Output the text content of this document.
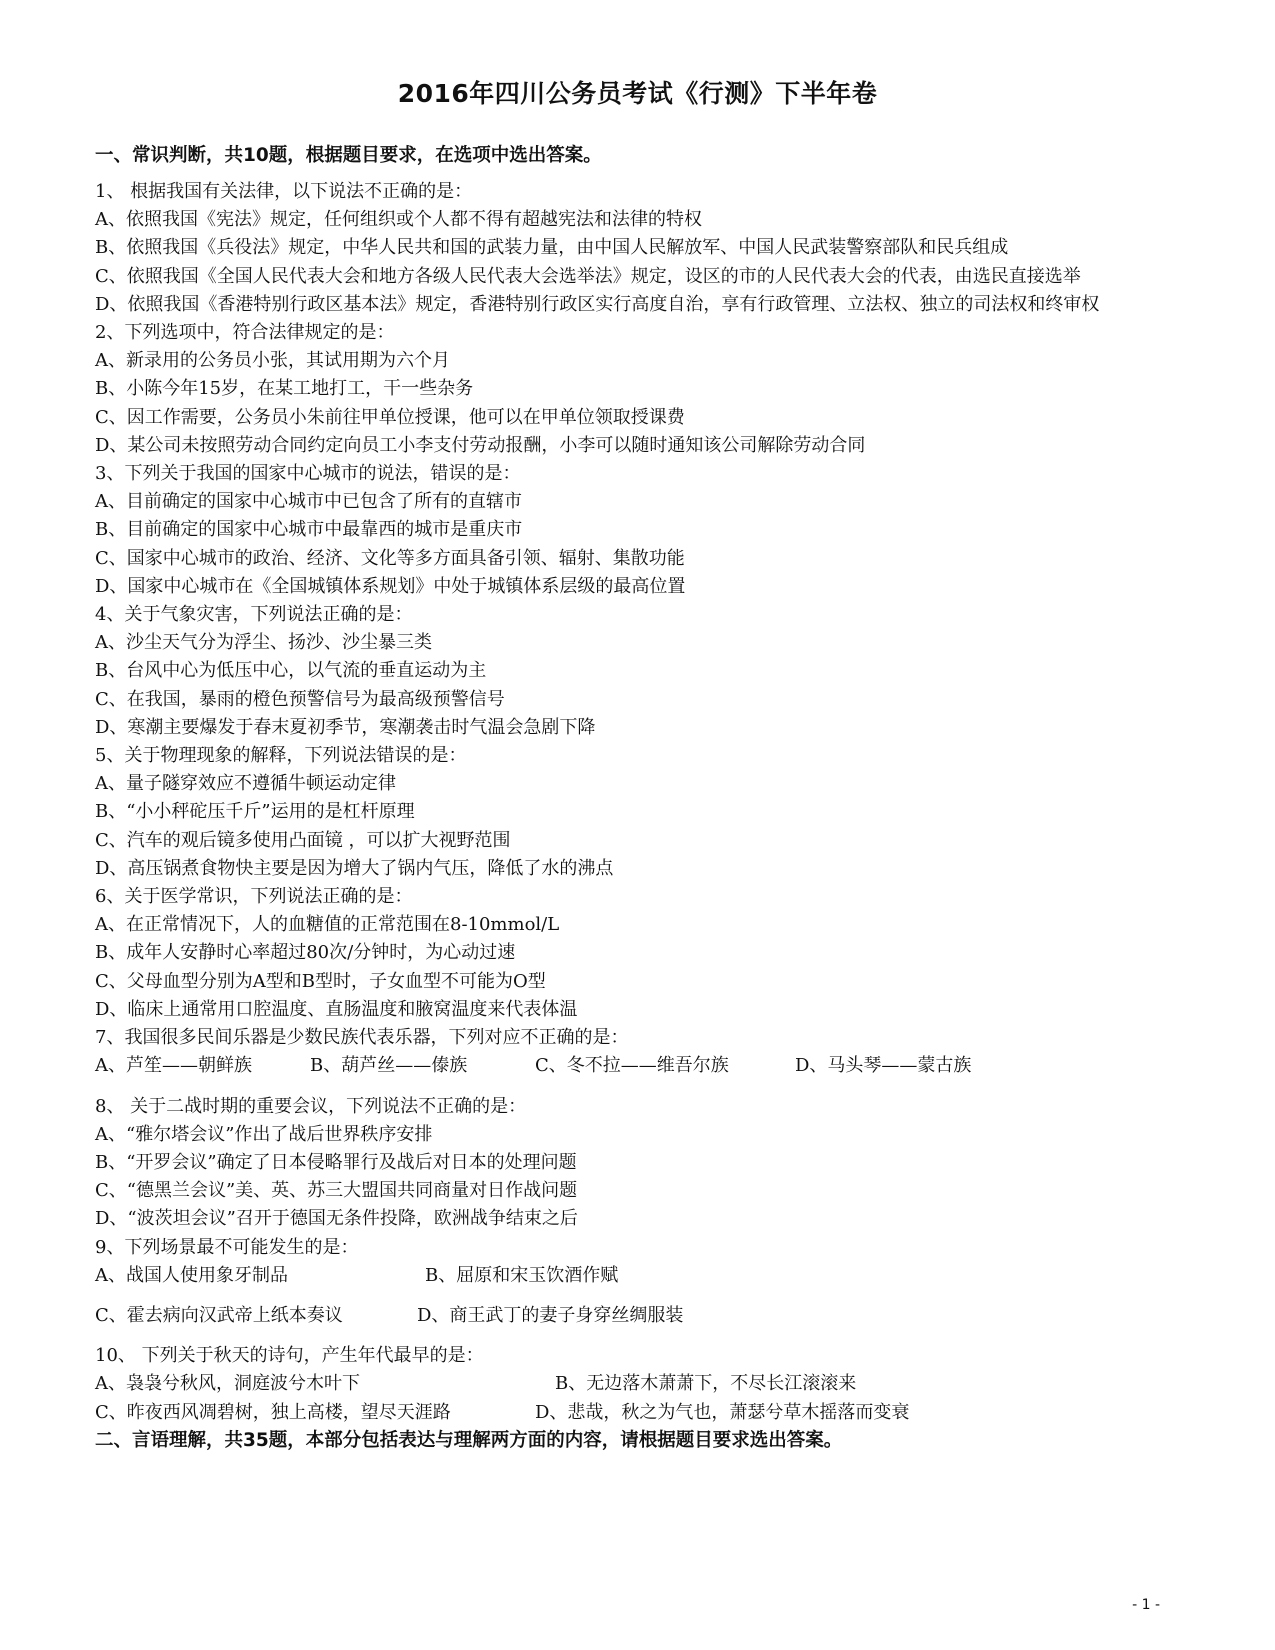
2016年四川公务员考试《行测》下半年卷

一、常识判断，共10题，根据题目要求，在选项中选出答案。

1、 根据我国有关法律，以下说法不正确的是：

A、依照我国《宪法》规定，任何组织或个人都不得有超越宪法和法律的特权

B、依照我国《兵役法》规定，中华人民共和国的武装力量，由中国人民解放军、中国人民武装警察部队和民兵组成

C、依照我国《全国人民代表大会和地方各级人民代表大会选举法》规定，设区的市的人民代表大会的代表，由选民直接选举

D、依照我国《香港特别行政区基本法》规定，香港特别行政区实行高度自治，享有行政管理、立法权、独立的司法权和终审权

2、下列选项中，符合法律规定的是：

A、新录用的公务员小张，其试用期为六个月

B、小陈今年15岁，在某工地打工，干一些杂务

C、因工作需要，公务员小朱前往甲单位授课，他可以在甲单位领取授课费

D、某公司未按照劳动合同约定向员工小李支付劳动报酬，小李可以随时通知该公司解除劳动合同

3、下列关于我国的国家中心城市的说法，错误的是：

A、目前确定的国家中心城市中已包含了所有的直辖市

B、目前确定的国家中心城市中最靠西的城市是重庆市

C、国家中心城市的政治、经济、文化等多方面具备引领、辐射、集散功能

D、国家中心城市在《全国城镇体系规划》中处于城镇体系层级的最高位置

4、关于气象灾害，下列说法正确的是：

A、沙尘天气分为浮尘、扬沙、沙尘暴三类

B、台风中心为低压中心，以气流的垂直运动为主

C、在我国，暴雨的橙色预警信号为最高级预警信号

D、寒潮主要爆发于春末夏初季节，寒潮袭击时气温会急剧下降

5、关于物理现象的解释，下列说法错误的是：

A、量子隧穿效应不遵循牛顿运动定律

B、“小小秤砣压千斤”运用的是杠杆原理

C、汽车的观后镜多使用凸面镜 ，可以扩大视野范围

D、高压锅煮食物快主要是因为增大了锅内气压，降低了水的沸点

6、关于医学常识，下列说法正确的是：

A、在正常情况下，人的血糖值的正常范围在8-10mmol/L

B、成年人安静时心率超过80次/分钟时，为心动过速

C、父母血型分别为A型和B型时，子女血型不可能为O型

D、临床上通常用口腔温度、直肠温度和腋窝温度来代表体温

7、我国很多民间乐器是少数民族代表乐器，下列对应不正确的是：

A、芦笙——朝鲜族	B、葫芦丝——傣族	C、冬不拉——维吾尔族	D、马头琴——蒙古族

8、 关于二战时期的重要会议，下列说法不正确的是：

A、“雅尔塔会议”作出了战后世界秩序安排

B、“开罗会议”确定了日本侵略罪行及战后对日本的处理问题

C、“德黑兰会议”美、英、苏三大盟国共同商量对日作战问题

D、“波茨坦会议”召开于德国无条件投降，欧洲战争结束之后

9、下列场景最不可能发生的是：

A、战国人使用象牙制品	B、屈原和宋玉饮酒作赋

C、霍去病向汉武帝上纸本奏议	D、商王武丁的妻子身穿丝绸服装

10、 下列关于秋天的诗句，产生年代最早的是：

A、袅袅兮秋风，洞庭波兮木叶下	B、无边落木萧萧下，不尽长江滚滚来

C、昨夜西风凋碧树，独上高楼，望尽天涯路	D、悲哉，秋之为气也，萧瑟兮草木摇落而变衰

二、言语理解，共35题，本部分包括表达与理解两方面的内容，请根据题目要求选出答案。

- 1 -
